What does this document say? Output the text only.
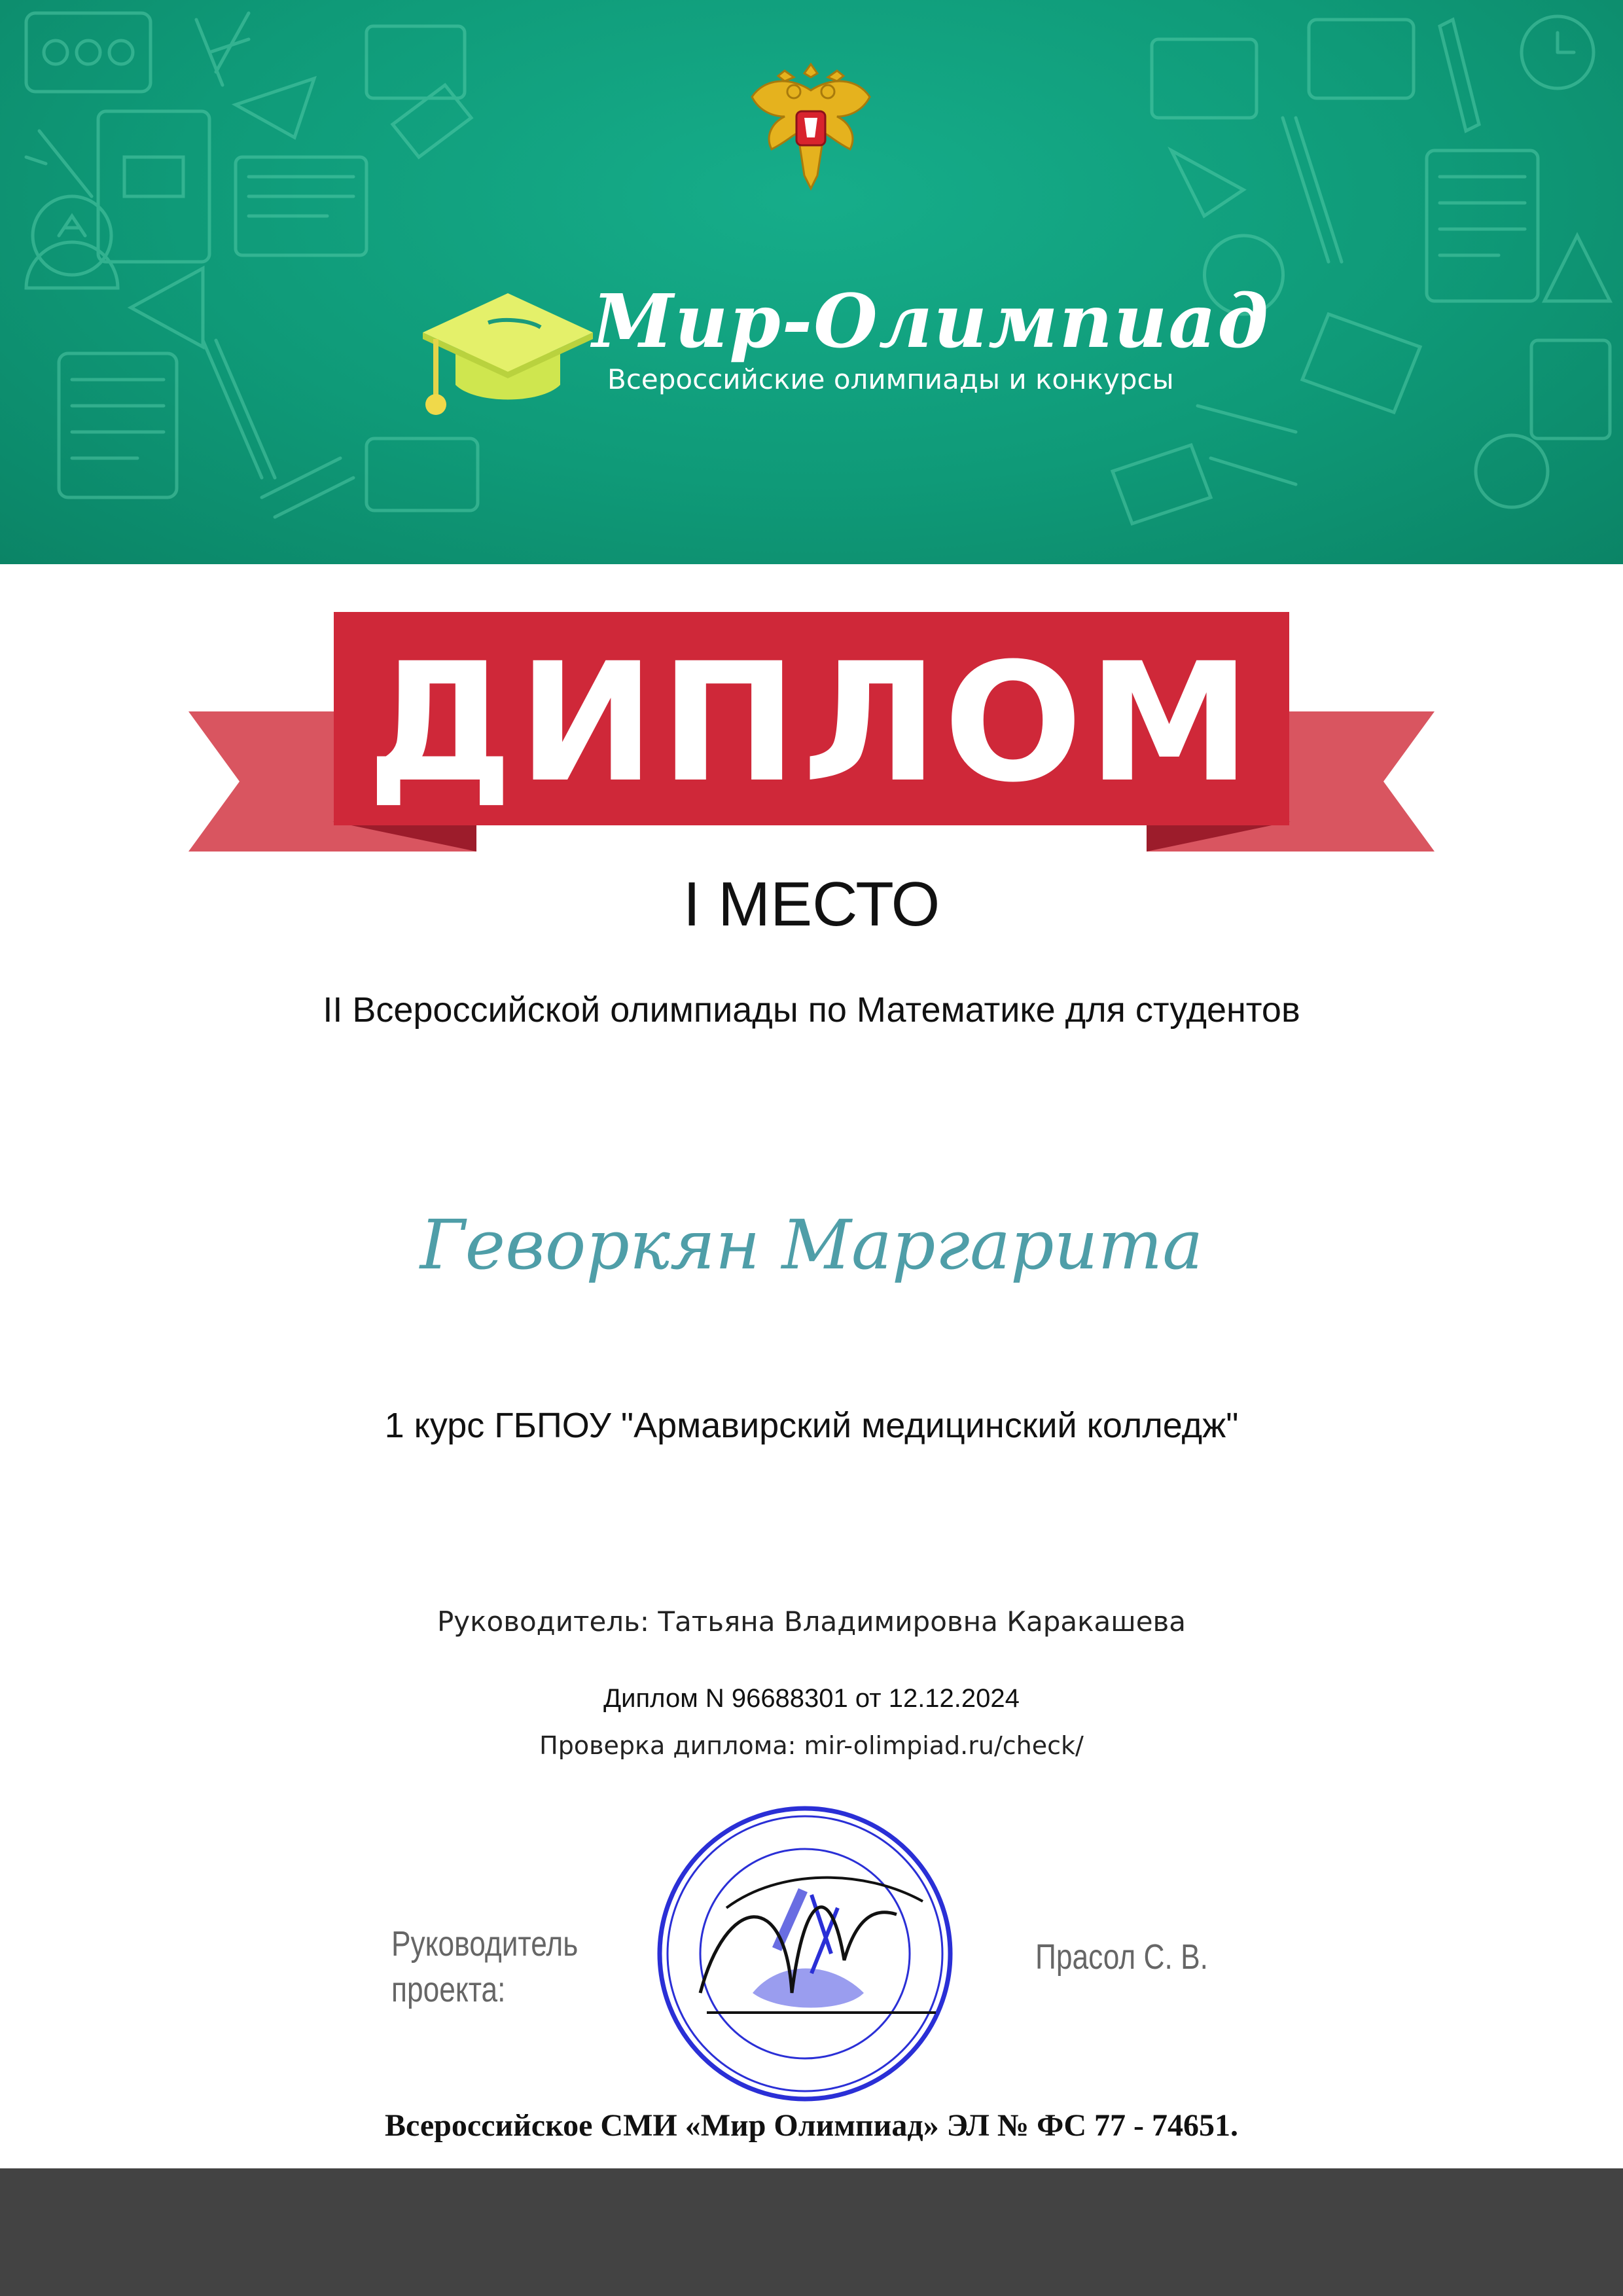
Мир-Олимпиад
Всероссийские олимпиады и конкурсы
ДИПЛОМ
I МЕСТО
II Всероссийской олимпиады по Математике для студентов
Геворкян Маргарита
1 курс ГБПОУ "Армавирский медицинский колледж"
Руководитель: Татьяна Владимировна Каракашева
Диплом N 96688301 от 12.12.2024
Проверка диплома: mir-olimpiad.ru/check/
Руководитель проекта:
Прасол С. В.
Всероссийское СМИ «Мир Олимпиад» ЭЛ № ФС 77 - 74651.
